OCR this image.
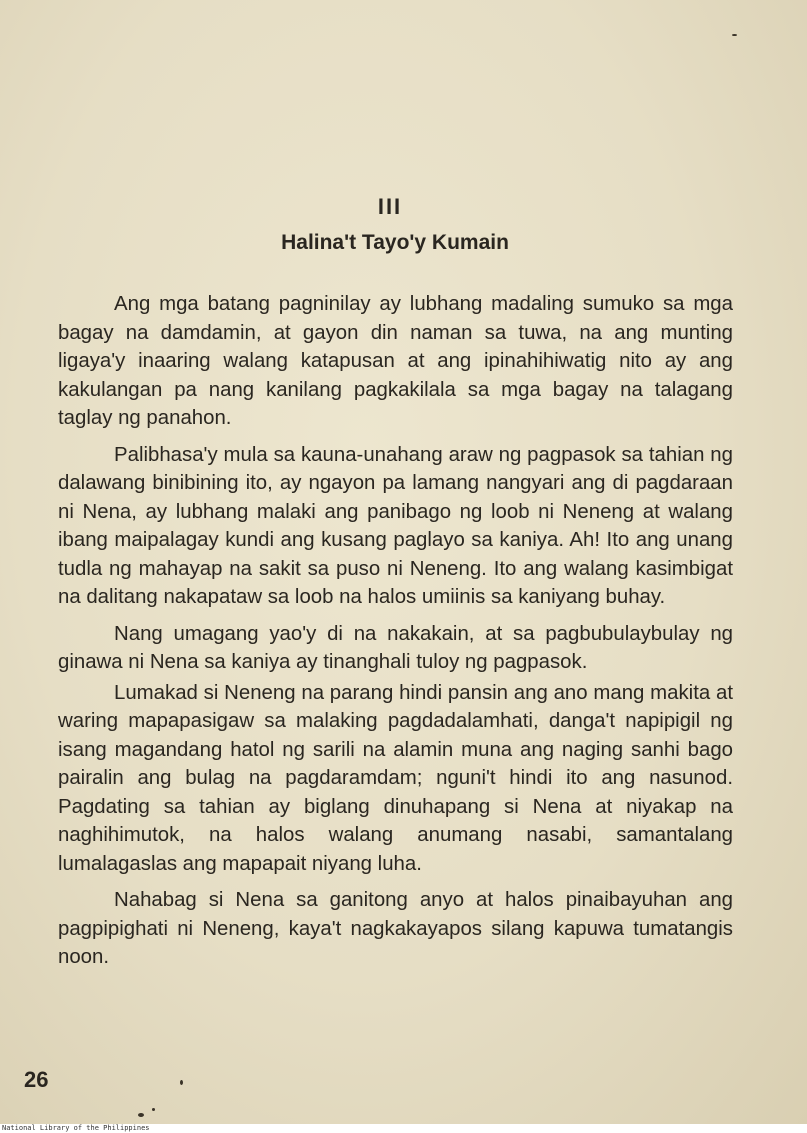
III
Halina't Tayo'y Kumain

Ang mga batang pagninilay ay lubhang madaling sumuko sa mga bagay na damdamin, at gayon din naman sa tuwa, na ang munting ligaya'y inaaring walang katapusan at ang ipinahihiwatig nito ay ang kakulangan pa nang kanilang pagkakilala sa mga bagay na talagang taglay ng panahon.

Palibhasa'y mula sa kauna-unahang araw ng pagpasok sa tahian ng dalawang binibining ito, ay ngayon pa lamang nangyari ang di pagdaraan ni Nena, ay lubhang malaki ang panibago ng loob ni Neneng at walang ibang maipalagay kundi ang kusang paglayo sa kaniya. Ah! Ito ang unang tudla ng mahayap na sakit sa puso ni Neneng. Ito ang walang kasimbigat na dalitang nakapataw sa loob na halos umiinis sa kaniyang buhay.

Nang umagang yao'y di na nakakain, at sa pagbubulaybulay ng ginawa ni Nena sa kaniya ay tinanghali tuloy ng pagpasok.

Lumakad si Neneng na parang hindi pansin ang ano mang makita at waring mapapasigaw sa malaking pagdadalamhati, danga't napipigil ng isang magandang hatol ng sarili na alamin muna ang naging sanhi bago pairalin ang bulag na pagdaramdam; nguni't hindi ito ang nasunod. Pagdating sa tahian ay biglang dinuhapang si Nena at niyakap na naghihimutok, na halos walang anumang nasabi, samantalang lumalagaslas ang mapapait niyang luha.

Nahabag si Nena sa ganitong anyo at halos pinaibayuhan ang pagpipighati ni Neneng, kaya't nagkakayapos silang kapuwa tumatangis noon.

26
National Library of the Philippines
